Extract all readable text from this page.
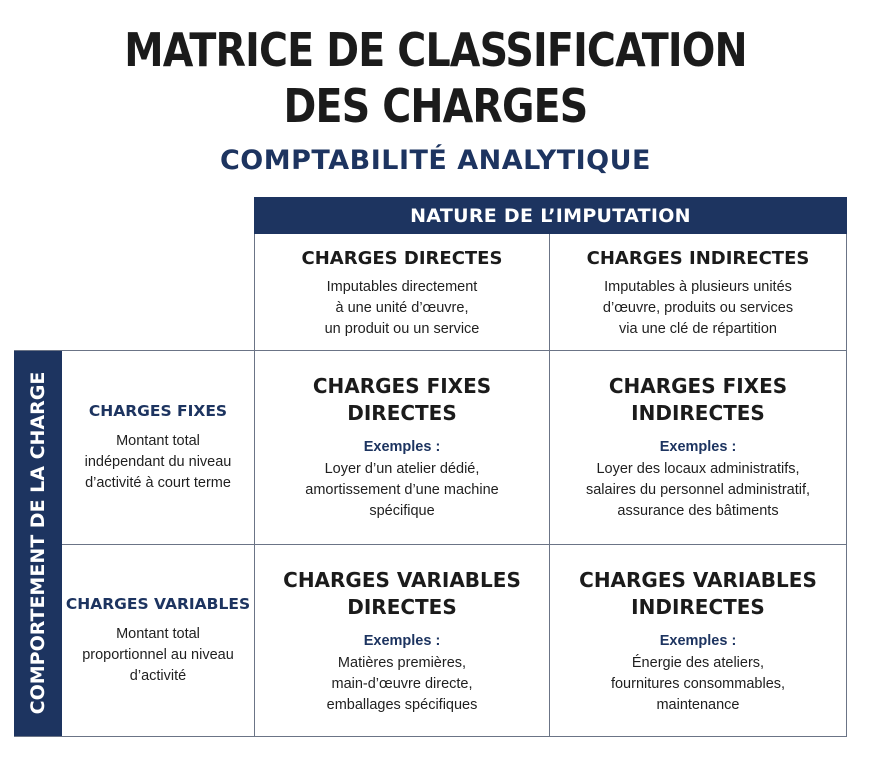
MATRICE DE CLASSIFICATION
DES CHARGES
COMPTABILITÉ ANALYTIQUE
NATURE DE L’IMPUTATION
COMPORTEMENT DE LA CHARGE
CHARGES DIRECTES
Imputables directement
à une unité d’œuvre,
un produit ou un service
CHARGES INDIRECTES
Imputables à plusieurs unités
d’œuvre, produits ou services
via une clé de répartition
CHARGES FIXES
Montant total
indépendant du niveau
d’activité à court terme
CHARGES VARIABLES
Montant total
proportionnel au niveau
d’activité
CHARGES FIXES
DIRECTES
Exemples :
Loyer d’un atelier dédié,
amortissement d’une machine
spécifique
CHARGES FIXES
INDIRECTES
Exemples :
Loyer des locaux administratifs,
salaires du personnel administratif,
assurance des bâtiments
CHARGES VARIABLES
DIRECTES
Exemples :
Matières premières,
main-d’œuvre directe,
emballages spécifiques
CHARGES VARIABLES
INDIRECTES
Exemples :
Énergie des ateliers,
fournitures consommables,
maintenance
